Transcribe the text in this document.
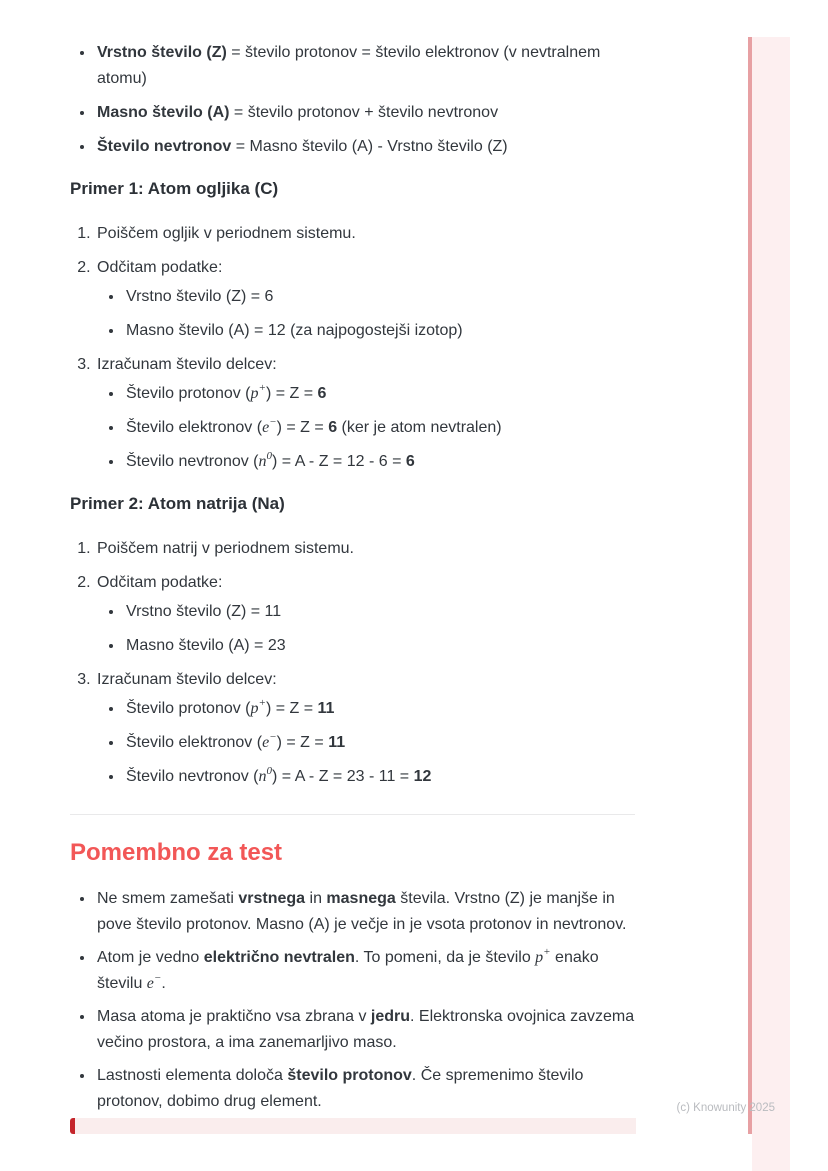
• Vrstno število (Z) = število protonov = število elektronov (v nevtralnem atomu)
• Masno število (A) = število protonov + število nevtronov
• Število nevtronov = Masno število (A) - Vrstno število (Z)
Primer 1: Atom ogljika (C)
1. Poiščem ogljik v periodnem sistemu.
2. Odčitam podatke:
• Vrstno število (Z) = 6
• Masno število (A) = 12 (za najpogostejši izotop)
3. Izračunam število delcev:
• Število protonov (p+) = Z = 6
• Število elektronov (e−) = Z = 6 (ker je atom nevtralen)
• Število nevtronov $(n^0) = A - Z = 12 - 6 = 6$
Primer 2: Atom natrija (Na)
1. Poiščem natrij v periodnem sistemu.
2. Odčitam podatke:
• Vrstno število (Z) = 11
• Masno število (A) = 23
3. Izračunam število delcev:
• Število protonov (p+) = Z = 11
• Število elektronov (e−) = Z = 11
• Število nevtronov $(n^0) = A - Z = 23 - 11 = 12$
Pomembno za test
• Ne smem zamešati vrstnega in masnega števila. Vrstno (Z) je manjše in pove število protonov. Masno (A) je večje in je vsota protonov in nevtronov.
• Atom je vedno električno nevtralen. To pomeni, da je število p+ enako številu e−.
• Masa atoma je praktično vsa zbrana v jedru. Elektronska ovojnica zavzema večino prostora, a ima zanemarljivo maso.
• Lastnosti elementa določa število protonov. Če spremenimo število protonov, dobimo drug element.	(c) Knowunity 2025
